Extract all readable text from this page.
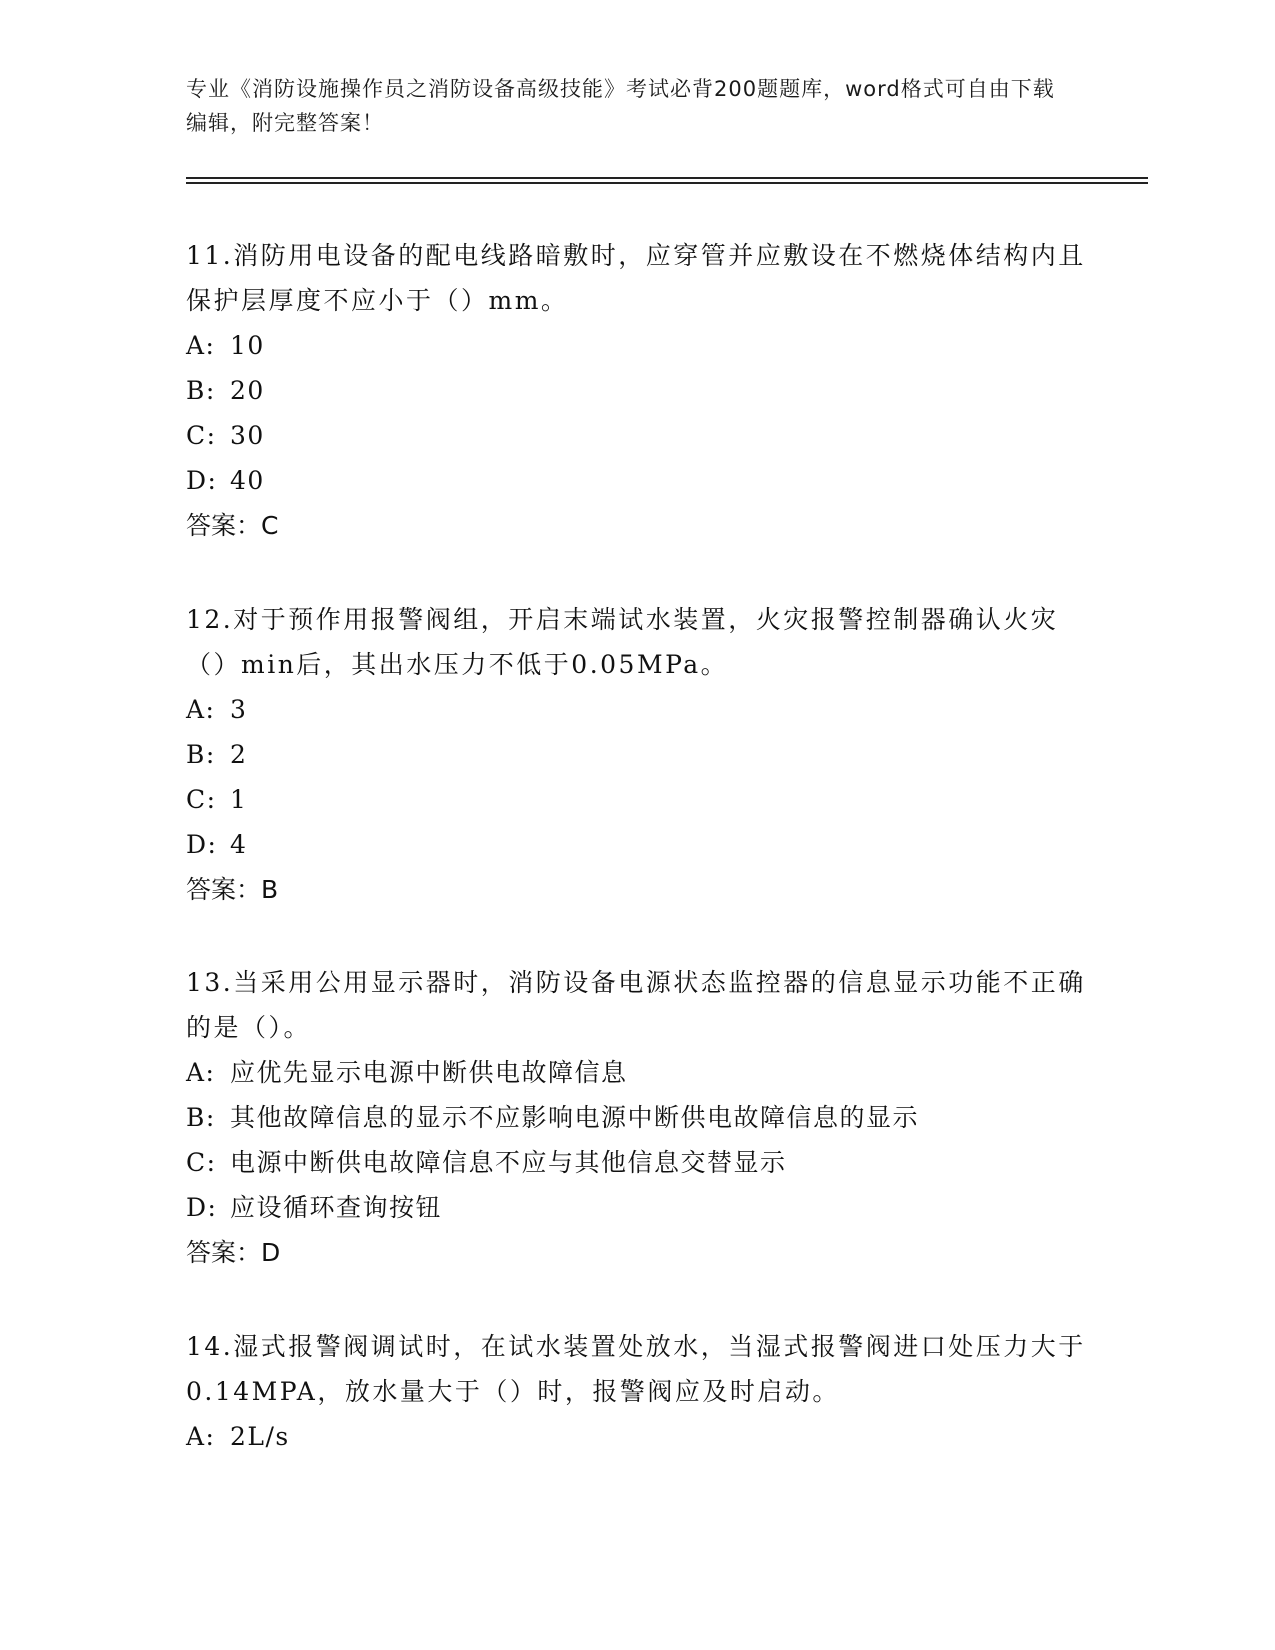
专业《消防设施操作员之消防设备高级技能》考试必背200题题库，word格式可自由下载编辑，附完整答案！

11.消防用电设备的配电线路暗敷时，应穿管并应敷设在不燃烧体结构内且保护层厚度不应小于（）mm。

A: 10

B: 20

C: 30

D: 40

答案：C

12.对于预作用报警阀组，开启末端试水装置，火灾报警控制器确认火灾（）min后，其出水压力不低于0.05MPa。

A: 3

B: 2

C: 1

D: 4

答案：B

13.当采用公用显示器时，消防设备电源状态监控器的信息显示功能不正确的是（）。

A: 应优先显示电源中断供电故障信息

B: 其他故障信息的显示不应影响电源中断供电故障信息的显示

C: 电源中断供电故障信息不应与其他信息交替显示

D: 应设循环查询按钮

答案：D

14.湿式报警阀调试时，在试水装置处放水，当湿式报警阀进口处压力大于0.14MPA，放水量大于（）时，报警阀应及时启动。

A: 2L/s
